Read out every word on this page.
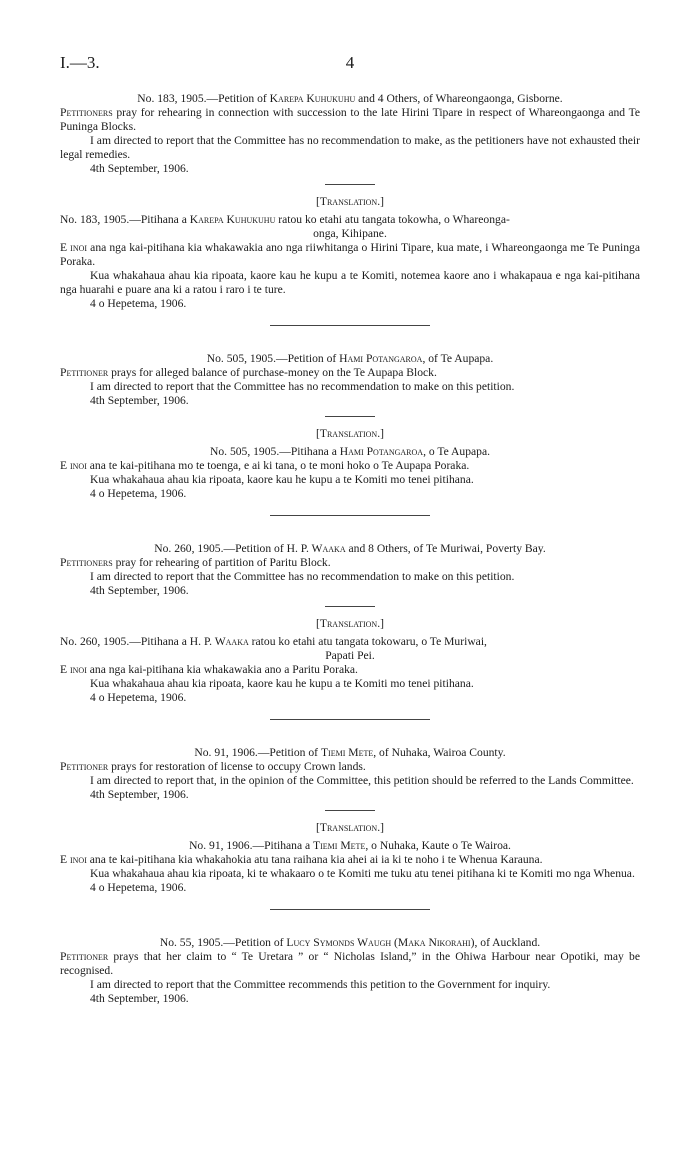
I.—3.	4

No. 183, 1905.—Petition of Karepa Kuhukuhu and 4 Others, of Whareongaonga, Gisborne.

Petitioners pray for rehearing in connection with succession to the late Hirini Tipare in respect of Whareongaonga and Te Puninga Blocks.

I am directed to report that the Committee has no recommendation to make, as the petitioners have not exhausted their legal remedies.

4th September, 1906.

[Translation.]

No. 183, 1905.—Pitihana a Karepa Kuhukuhu ratou ko etahi atu tangata tokowha, o Whareonga-

onga, Kihipane.

E inoi ana nga kai-pitihana kia whakawakia ano nga riiwhitanga o Hirini Tipare, kua mate, i Whareongaonga me Te Puninga Poraka.

Kua whakahaua ahau kia ripoata, kaore kau he kupu a te Komiti, notemea kaore ano i whakapaua e nga kai-pitihana nga huarahi e puare ana ki a ratou i raro i te ture.

4 o Hepetema, 1906.

No. 505, 1905.—Petition of Hami Potangaroa, of Te Aupapa.

Petitioner prays for alleged balance of purchase-money on the Te Aupapa Block.

I am directed to report that the Committee has no recommendation to make on this petition.

4th September, 1906.

[Translation.]

No. 505, 1905.—Pitihana a Hami Potangaroa, o Te Aupapa.

E inoi ana te kai-pitihana mo te toenga, e ai ki tana, o te moni hoko o Te Aupapa Poraka.

Kua whakahaua ahau kia ripoata, kaore kau he kupu a te Komiti mo tenei pitihana.

4 o Hepetema, 1906.

No. 260, 1905.—Petition of H. P. Waaka and 8 Others, of Te Muriwai, Poverty Bay.

Petitioners pray for rehearing of partition of Paritu Block.

I am directed to report that the Committee has no recommendation to make on this petition.

4th September, 1906.

[Translation.]

No. 260, 1905.—Pitihana a H. P. Waaka ratou ko etahi atu tangata tokowaru, o Te Muriwai,

Papati Pei.

E inoi ana nga kai-pitihana kia whakawakia ano a Paritu Poraka.

Kua whakahaua ahau kia ripoata, kaore kau he kupu a te Komiti mo tenei pitihana.

4 o Hepetema, 1906.

No. 91, 1906.—Petition of Tiemi Mete, of Nuhaka, Wairoa County.

Petitioner prays for restoration of license to occupy Crown lands.

I am directed to report that, in the opinion of the Committee, this petition should be referred to the Lands Committee.

4th September, 1906.

[Translation.]

No. 91, 1906.—Pitihana a Tiemi Mete, o Nuhaka, Kaute o Te Wairoa.

E inoi ana te kai-pitihana kia whakahokia atu tana raihana kia ahei ai ia ki te noho i te Whenua Karauna.

Kua whakahaua ahau kia ripoata, ki te whakaaro o te Komiti me tuku atu tenei pitihana ki te Komiti mo nga Whenua.

4 o Hepetema, 1906.

No. 55, 1905.—Petition of Lucy Symonds Waugh (Maka Nikorahi), of Auckland.

Petitioner prays that her claim to “ Te Uretara ” or “ Nicholas Island,” in the Ohiwa Harbour near Opotiki, may be recognised.

I am directed to report that the Committee recommends this petition to the Government for inquiry.

4th September, 1906.
